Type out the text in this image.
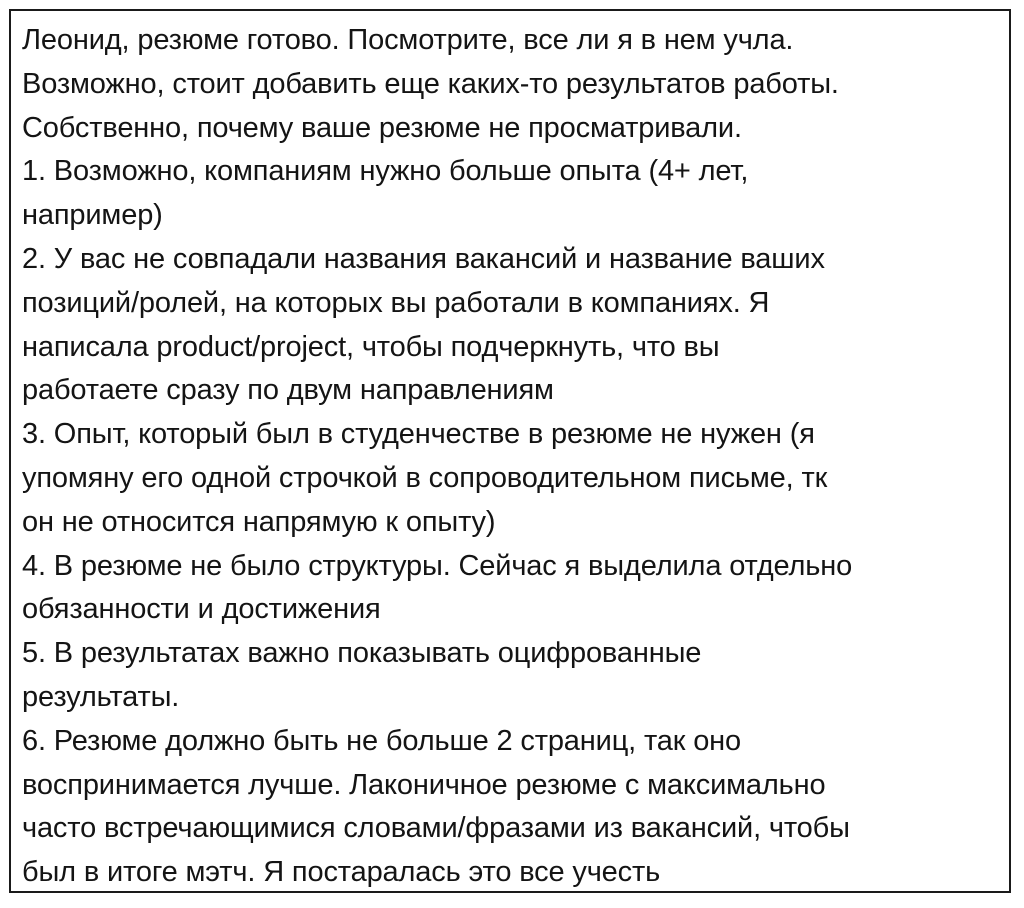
Леонид, резюме готово. Посмотрите, все ли я в нем учла.
Возможно, стоит добавить еще каких-то результатов работы.
Собственно, почему ваше резюме не просматривали.
1. Возможно, компаниям нужно больше опыта (4+ лет,
например)
2. У вас не совпадали названия вакансий и название ваших
позиций/ролей, на которых вы работали в компаниях. Я
написала product/project, чтобы подчеркнуть, что вы
работаете сразу по двум направлениям
3. Опыт, который был в студенчестве в резюме не нужен (я
упомяну его одной строчкой в сопроводительном письме, тк
он не относится напрямую к опыту)
4. В резюме не было структуры. Сейчас я выделила отдельно
обязанности и достижения
5. В результатах важно показывать оцифрованные
результаты.
6. Резюме должно быть не больше 2 страниц, так оно
воспринимается лучше. Лаконичное резюме с максимально
часто встречающимися словами/фразами из вакансий, чтобы
был в итоге мэтч. Я постаралась это все учесть
